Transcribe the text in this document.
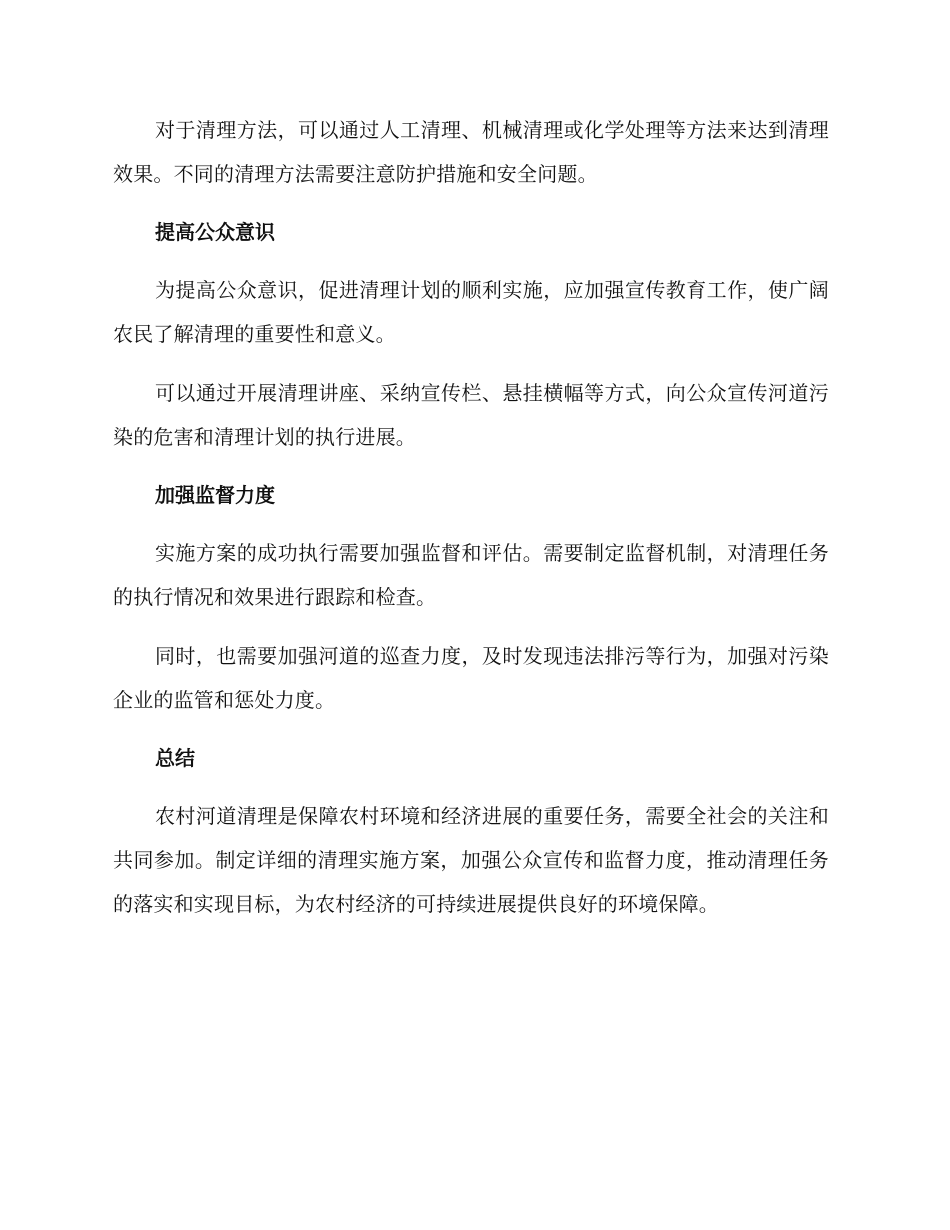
对于清理方法，可以通过人工清理、机械清理或化学处理等方法来达到清理效果。不同的清理方法需要注意防护措施和安全问题。

提高公众意识

为提高公众意识，促进清理计划的顺利实施，应加强宣传教育工作，使广阔农民了解清理的重要性和意义。

可以通过开展清理讲座、采纳宣传栏、悬挂横幅等方式，向公众宣传河道污染的危害和清理计划的执行进展。

加强监督力度

实施方案的成功执行需要加强监督和评估。需要制定监督机制，对清理任务的执行情况和效果进行跟踪和检查。

同时，也需要加强河道的巡查力度，及时发现违法排污等行为，加强对污染企业的监管和惩处力度。

总结

农村河道清理是保障农村环境和经济进展的重要任务，需要全社会的关注和共同参加。制定详细的清理实施方案，加强公众宣传和监督力度，推动清理任务的落实和实现目标，为农村经济的可持续进展提供良好的环境保障。
